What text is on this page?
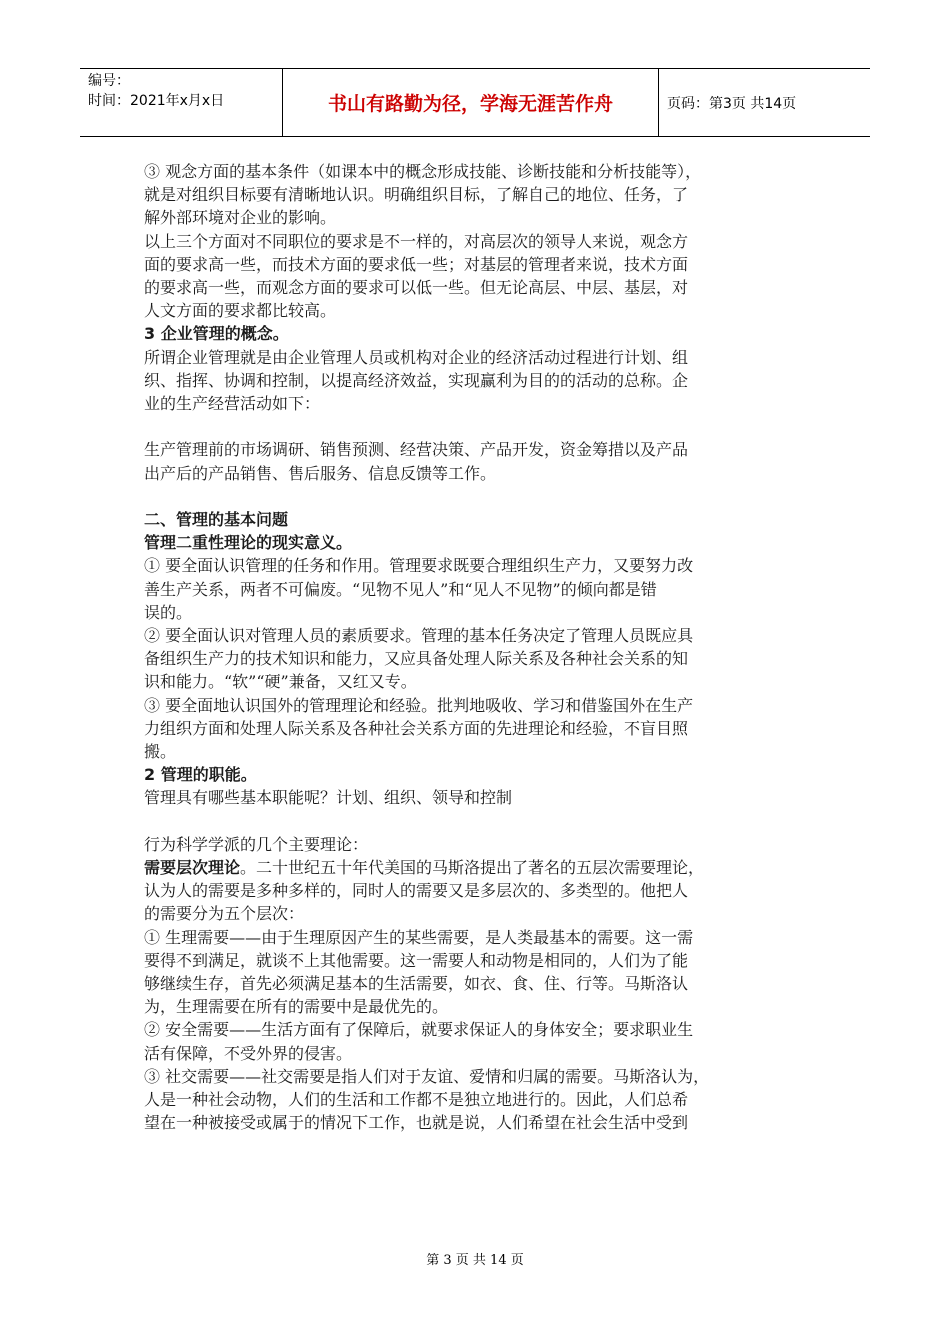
编号：
时间：2021年x月x日	书山有路勤为径，学海无涯苦作舟	页码：第3页 共14页

③ 观念方面的基本条件（如课本中的概念形成技能、诊断技能和分析技能等），

就是对组织目标要有清晰地认识。明确组织目标，了解自己的地位、任务，了

解外部环境对企业的影响。

以上三个方面对不同职位的要求是不一样的，对高层次的领导人来说，观念方

面的要求高一些，而技术方面的要求低一些；对基层的管理者来说，技术方面

的要求高一些，而观念方面的要求可以低一些。但无论高层、中层、基层，对

人文方面的要求都比较高。

3 企业管理的概念。

所谓企业管理就是由企业管理人员或机构对企业的经济活动过程进行计划、组

织、指挥、协调和控制，以提高经济效益，实现赢利为目的的活动的总称。企

业的生产经营活动如下：

生产管理前的市场调研、销售预测、经营决策、产品开发，资金筹措以及产品

出产后的产品销售、售后服务、信息反馈等工作。

二、管理的基本问题

管理二重性理论的现实意义。

① 要全面认识管理的任务和作用。管理要求既要合理组织生产力，又要努力改

善生产关系，两者不可偏废。“见物不见人”和“见人不见物”的倾向都是错

误的。

② 要全面认识对管理人员的素质要求。管理的基本任务决定了管理人员既应具

备组织生产力的技术知识和能力，又应具备处理人际关系及各种社会关系的知

识和能力。“软”“硬”兼备，又红又专。

③ 要全面地认识国外的管理理论和经验。批判地吸收、学习和借鉴国外在生产

力组织方面和处理人际关系及各种社会关系方面的先进理论和经验，不盲目照

搬。

2 管理的职能。

管理具有哪些基本职能呢？计划、组织、领导和控制

行为科学学派的几个主要理论：

需要层次理论。二十世纪五十年代美国的马斯洛提出了著名的五层次需要理论，

认为人的需要是多种多样的，同时人的需要又是多层次的、多类型的。他把人

的需要分为五个层次：

① 生理需要——由于生理原因产生的某些需要，是人类最基本的需要。这一需

要得不到满足，就谈不上其他需要。这一需要人和动物是相同的，人们为了能

够继续生存，首先必须满足基本的生活需要，如衣、食、住、行等。马斯洛认

为，生理需要在所有的需要中是最优先的。

② 安全需要——生活方面有了保障后，就要求保证人的身体安全；要求职业生

活有保障，不受外界的侵害。

③ 社交需要——社交需要是指人们对于友谊、爱情和归属的需要。马斯洛认为，

人是一种社会动物，人们的生活和工作都不是独立地进行的。因此，人们总希

望在一种被接受或属于的情况下工作，也就是说，人们希望在社会生活中受到

第 3 页 共 14 页
